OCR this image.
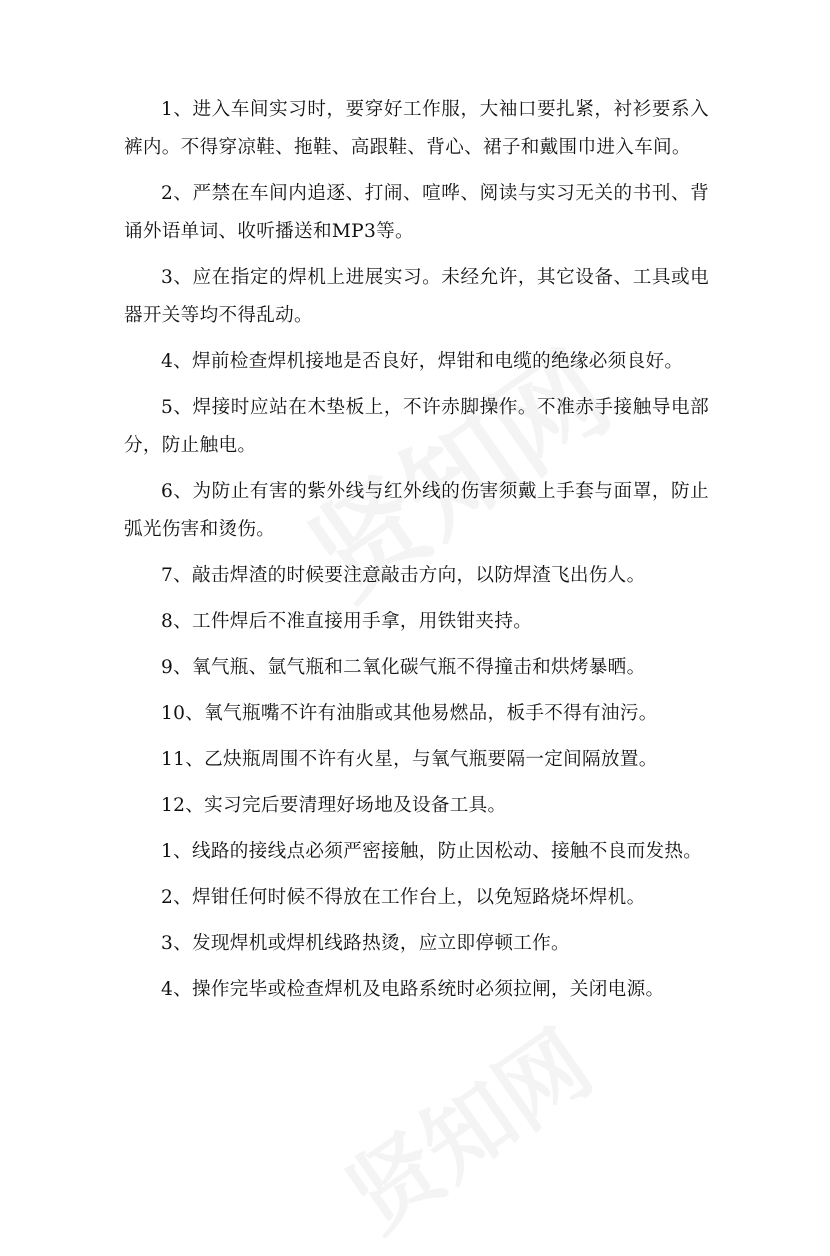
1、进入车间实习时，要穿好工作服，大袖口要扎紧，衬衫要系入裤内。不得穿凉鞋、拖鞋、高跟鞋、背心、裙子和戴围巾进入车间。

2、严禁在车间内追逐、打闹、喧哗、阅读与实习无关的书刊、背诵外语单词、收听播送和MP3等。

3、应在指定的焊机上进展实习。未经允许，其它设备、工具或电器开关等均不得乱动。

4、焊前检查焊机接地是否良好，焊钳和电缆的绝缘必须良好。

5、焊接时应站在木垫板上，不许赤脚操作。不准赤手接触导电部分，防止触电。

6、为防止有害的紫外线与红外线的伤害须戴上手套与面罩，防止弧光伤害和烫伤。

7、敲击焊渣的时候要注意敲击方向，以防焊渣飞出伤人。

8、工件焊后不准直接用手拿，用铁钳夹持。

9、氧气瓶、氩气瓶和二氧化碳气瓶不得撞击和烘烤暴晒。

10、氧气瓶嘴不许有油脂或其他易燃品，板手不得有油污。

11、乙炔瓶周围不许有火星，与氧气瓶要隔一定间隔放置。

12、实习完后要清理好场地及设备工具。

1、线路的接线点必须严密接触，防止因松动、接触不良而发热。

2、焊钳任何时候不得放在工作台上，以免短路烧坏焊机。

3、发现焊机或焊机线路热烫，应立即停顿工作。

4、操作完毕或检查焊机及电路系统时必须拉闸，关闭电源。
